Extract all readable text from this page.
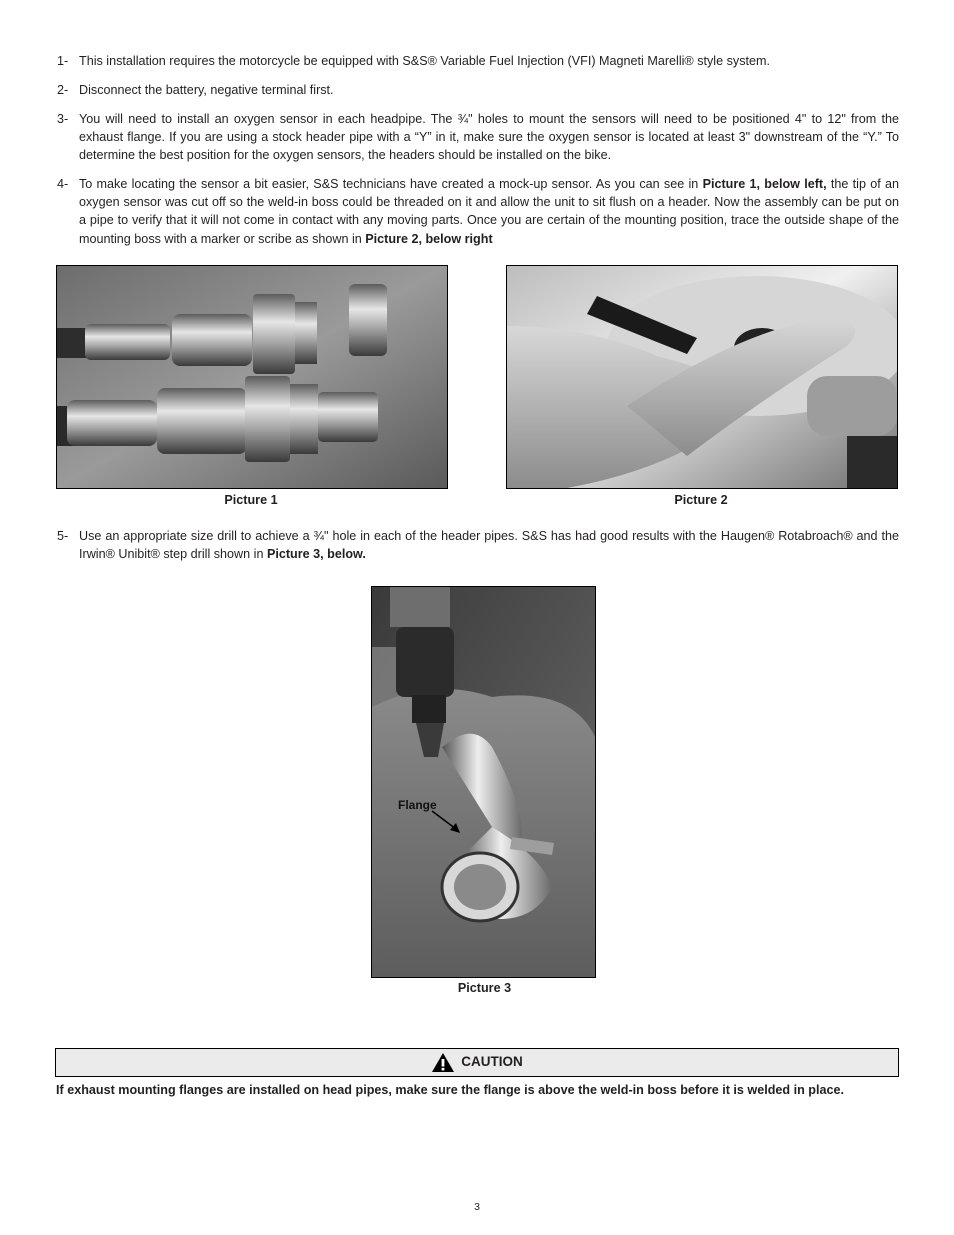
1- This installation requires the motorcycle be equipped with S&S® Variable Fuel Injection (VFI) Magneti Marelli® style system.
2- Disconnect the battery, negative terminal first.
3- You will need to install an oxygen sensor in each headpipe. The ¾" holes to mount the sensors will need to be positioned 4" to 12" from the exhaust flange. If you are using a stock header pipe with a “Y” in it, make sure the oxygen sensor is located at least 3" downstream of the “Y.” To determine the best position for the oxygen sensors, the headers should be installed on the bike.
4- To make locating the sensor a bit easier, S&S technicians have created a mock-up sensor. As you can see in Picture 1, below left, the tip of an oxygen sensor was cut off so the weld-in boss could be threaded on it and allow the unit to sit flush on a header. Now the assembly can be put on a pipe to verify that it will not come in contact with any moving parts. Once you are certain of the mounting position, trace the outside shape of the mounting boss with a marker or scribe as shown in Picture 2, below right
Picture 1	Picture 2
5- Use an appropriate size drill to achieve a ¾" hole in each of the header pipes. S&S has had good results with the Haugen® Rotabroach® and the Irwin® Unibit® step drill shown in Picture 3, below.
Flange
Picture 3
CAUTION
If exhaust mounting flanges are installed on head pipes, make sure the flange is above the weld-in boss before it is welded in place.
3
